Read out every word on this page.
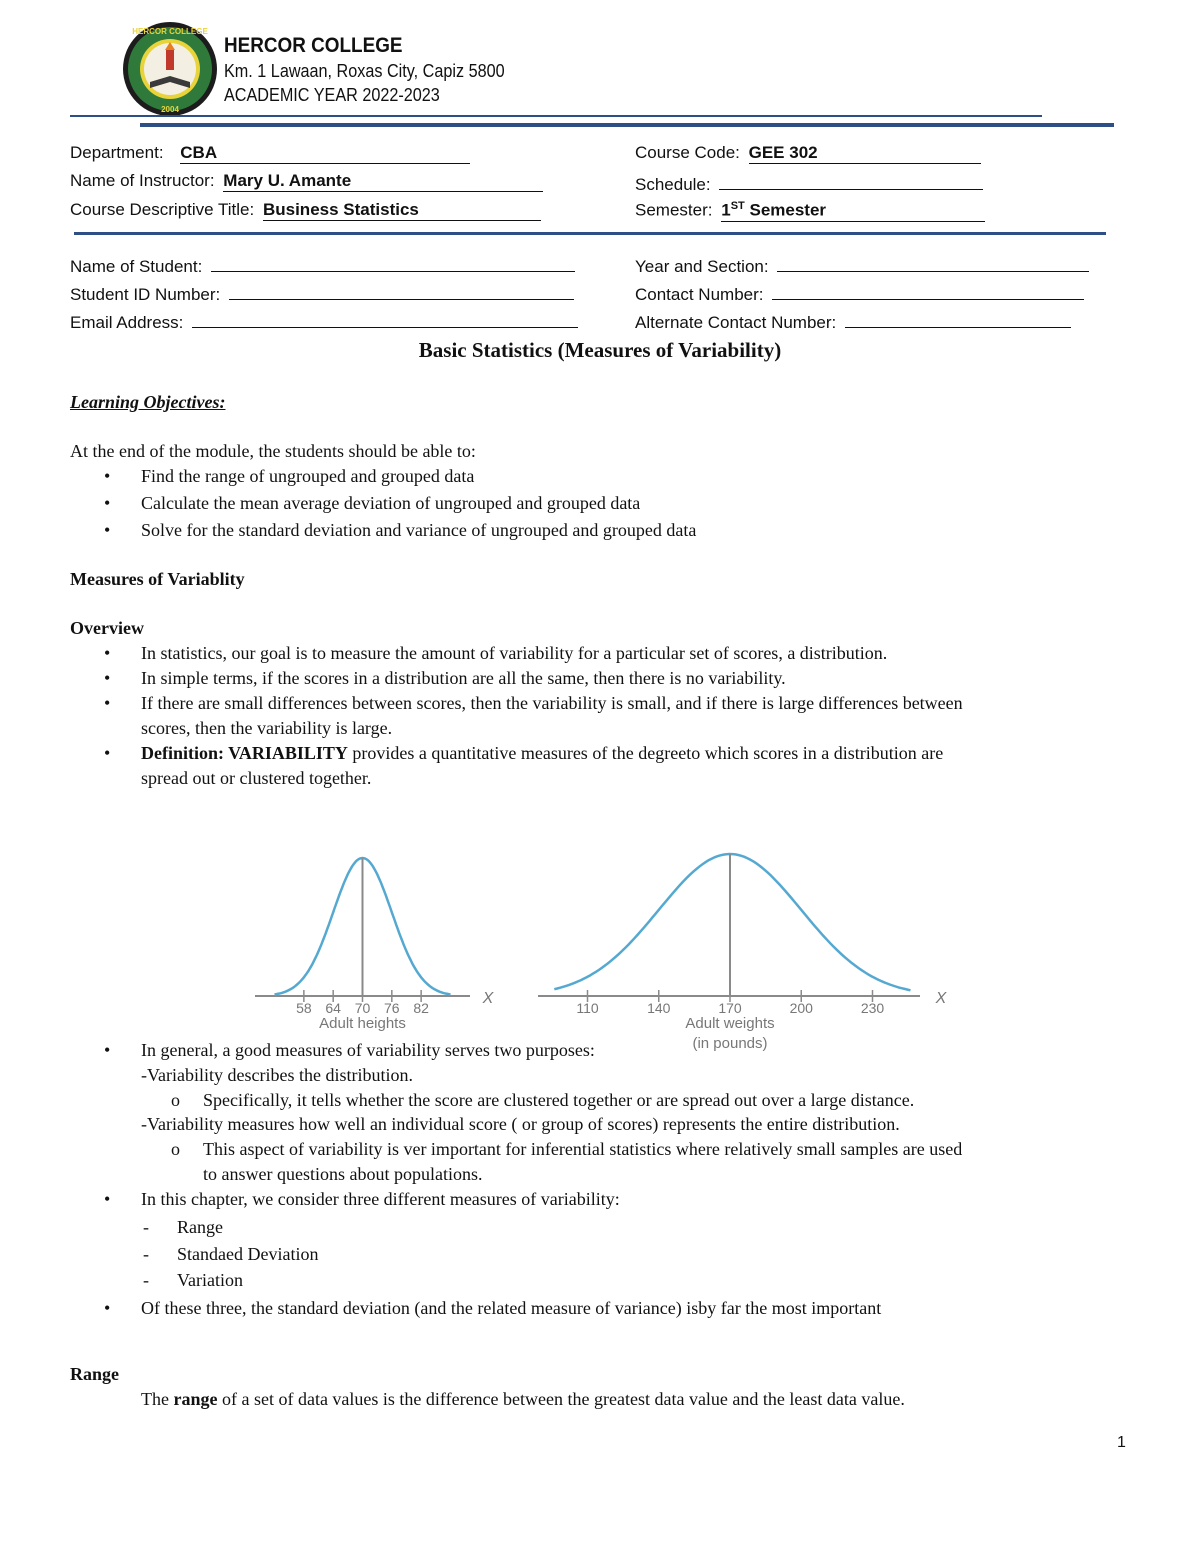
HERCOR COLLEGE
2004
HERCOR COLLEGE
Km. 1 Lawaan, Roxas City, Capiz 5800
ACADEMIC YEAR 2022-2023
Department: CBA
Name of Instructor: Mary U. Amante
Course Descriptive Title: Business Statistics
Course Code: GEE 302
Schedule:
Semester: 1ST Semester
Name of Student:
Student ID Number:
Email Address:
Year and Section:
Contact Number:
Alternate Contact Number:
Basic Statistics (Measures of Variability)
Learning Objectives:
At the end of the module, the students should be able to:
• Find the range of ungrouped and grouped data
• Calculate the mean average deviation of ungrouped and grouped data
• Solve for the standard deviation and variance of ungrouped and grouped data
Measures of Variablity
Overview
• In statistics, our goal is to measure the amount of variability for a particular set of scores, a distribution.
• In simple terms, if the scores in a distribution are all the same, then there is no variability.
• If there are small differences between scores, then the variability is small, and if there is large differences between
scores, then the variability is large.
• Definition: VARIABILITY provides a quantitative measures of the degreeto which scores in a distribution are
spread out or clustered together.
X
58 64 70 76 82
Adult heights
X
110	140	170	200	230
Adult weights
(in pounds)
• In general, a good measures of variability serves two purposes:
-Variability describes the distribution.
o Specifically, it tells whether the score are clustered together or are spread out over a large distance.
-Variability measures how well an individual score ( or group of scores) represents the entire distribution.
o This aspect of variability is ver important for inferential statistics where relatively small samples are used
to answer questions about populations.
• In this chapter, we consider three different measures of variability:
- Range
- Standaed Deviation
- Variation
• Of these three, the standard deviation (and the related measure of variance) isby far the most important
Range
The range of a set of data values is the difference between the greatest data value and the least data value.
1
